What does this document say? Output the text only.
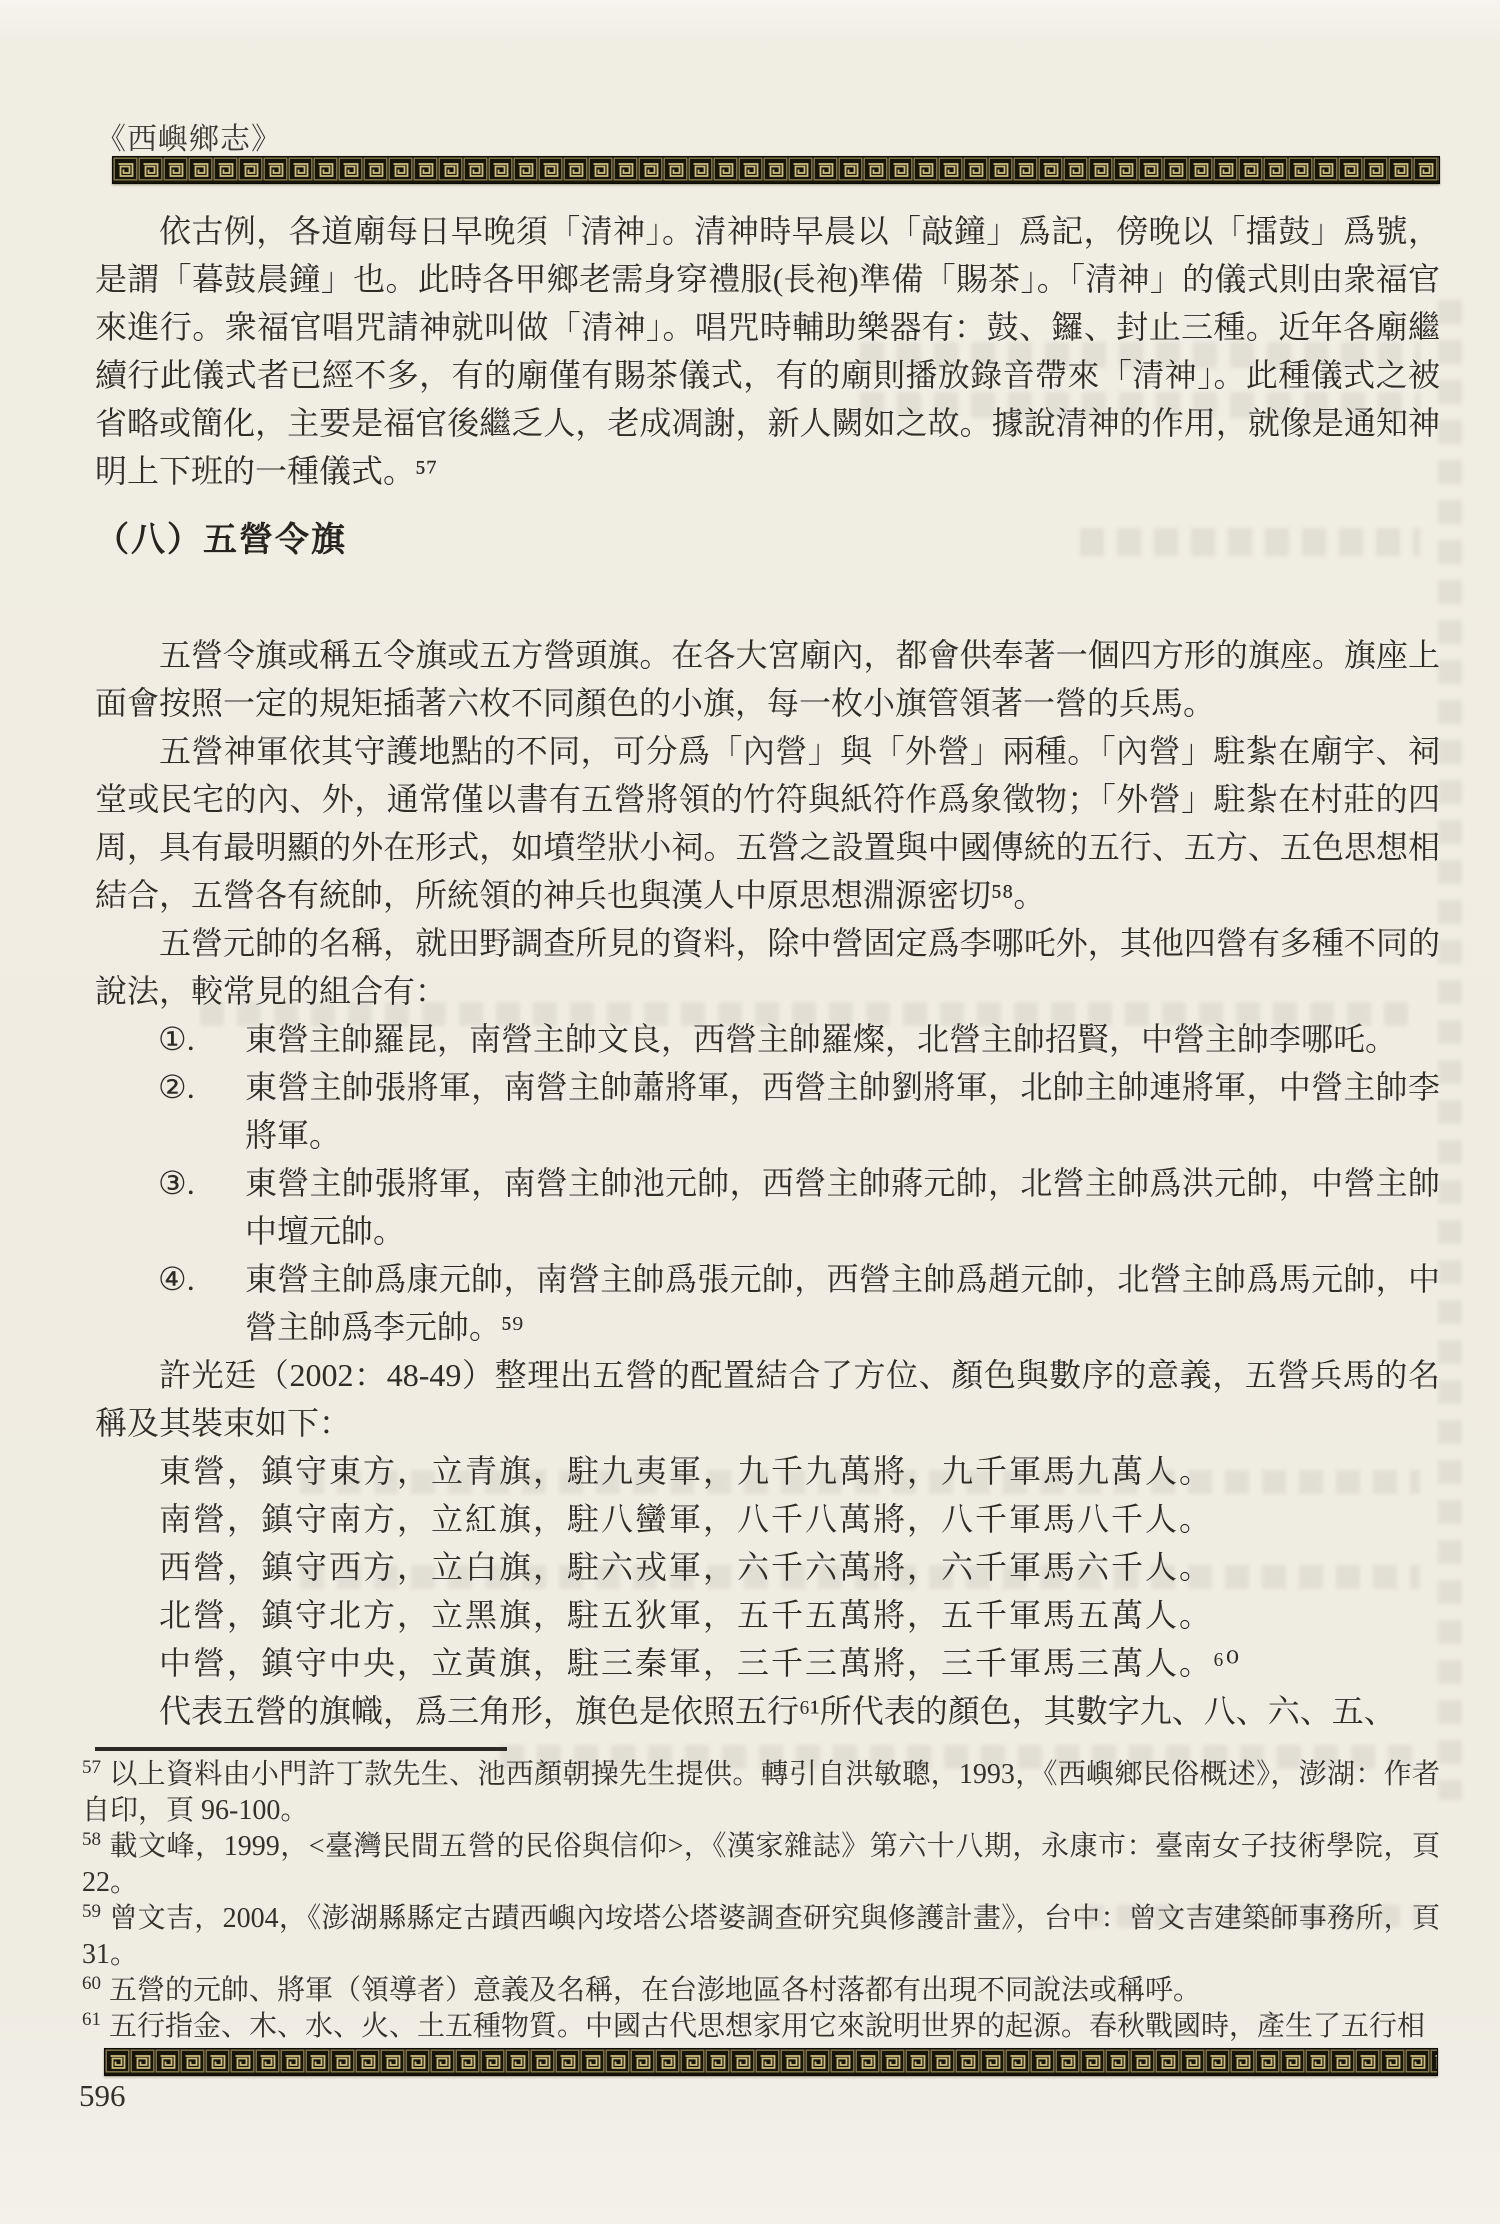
《西嶼鄉志》

依古例，各道廟每日早晚須「清神」。清神時早晨以「敲鐘」爲記，傍晚以「擂鼓」爲號，是謂「暮鼓晨鐘」也。此時各甲鄉老需身穿禮服(長袍)準備「賜茶」。「清神」的儀式則由衆福官來進行。衆福官唱咒請神就叫做「清神」。唱咒時輔助樂器有：鼓、鑼、封止三種。近年各廟繼續行此儀式者已經不多，有的廟僅有賜茶儀式，有的廟則播放錄音帶來「清神」。此種儀式之被省略或簡化，主要是福官後繼乏人，老成凋謝，新人闕如之故。據說清神的作用，就像是通知神明上下班的一種儀式。⁵⁷

（八）五營令旗

五營令旗或稱五令旗或五方營頭旗。在各大宮廟內，都會供奉著一個四方形的旗座。旗座上面會按照一定的規矩插著六枚不同顏色的小旗，每一枚小旗管領著一營的兵馬。

五營神軍依其守護地點的不同，可分爲「內營」與「外營」兩種。「內營」駐紮在廟宇、祠堂或民宅的內、外，通常僅以書有五營將領的竹符與紙符作爲象徵物；「外營」駐紮在村莊的四周，具有最明顯的外在形式，如墳塋狀小祠。五營之設置與中國傳統的五行、五方、五色思想相結合，五營各有統帥，所統領的神兵也與漢人中原思想淵源密切⁵⁸。

五營元帥的名稱，就田野調查所見的資料，除中營固定爲李哪吒外，其他四營有多種不同的說法，較常見的組合有：

①. 東營主帥羅昆，南營主帥文良，西營主帥羅燦，北營主帥招賢，中營主帥李哪吒。
②. 東營主帥張將軍，南營主帥蕭將軍，西營主帥劉將軍，北帥主帥連將軍，中營主帥李將軍。
③. 東營主帥張將軍，南營主帥池元帥，西營主帥蔣元帥，北營主帥爲洪元帥，中營主帥中壇元帥。
④. 東營主帥爲康元帥，南營主帥爲張元帥，西營主帥爲趙元帥，北營主帥爲馬元帥，中營主帥爲李元帥。⁵⁹

許光廷（2002：48-49）整理出五營的配置結合了方位、顏色與數序的意義，五營兵馬的名稱及其裝束如下：

東營，鎮守東方，立青旗，駐九夷軍，九千九萬將，九千軍馬九萬人。
南營，鎮守南方，立紅旗，駐八蠻軍，八千八萬將，八千軍馬八千人。
西營，鎮守西方，立白旗，駐六戎軍，六千六萬將，六千軍馬六千人。
北營，鎮守北方，立黑旗，駐五狄軍，五千五萬將，五千軍馬五萬人。
中營，鎮守中央，立黃旗，駐三秦軍，三千三萬將，三千軍馬三萬人。⁶⁰

代表五營的旗幟，爲三角形，旗色是依照五行⁶¹所代表的顏色，其數字九、八、六、五、

$^{57}$ 以上資料由小門許丁款先生、池西顏朝操先生提供。轉引自洪敏聰，1993，《西嶼鄉民俗概述》，澎湖：作者自印，頁 96-100。

$^{58}$ 載文峰，1999，<臺灣民間五營的民俗與信仰>，《漢家雜誌》第六十八期，永康市：臺南女子技術學院，頁22。

$^{59}$ 曾文吉，2004，《澎湖縣縣定古蹟西嶼內垵塔公塔婆調查研究與修護計畫》，台中：曾文吉建築師事務所，頁31。

$^{60}$ 五營的元帥、將軍（領導者）意義及名稱，在台澎地區各村落都有出現不同說法或稱呼。

$^{61}$ 五行指金、木、水、火、土五種物質。中國古代思想家用它來說明世界的起源。春秋戰國時，產生了五行相

596
